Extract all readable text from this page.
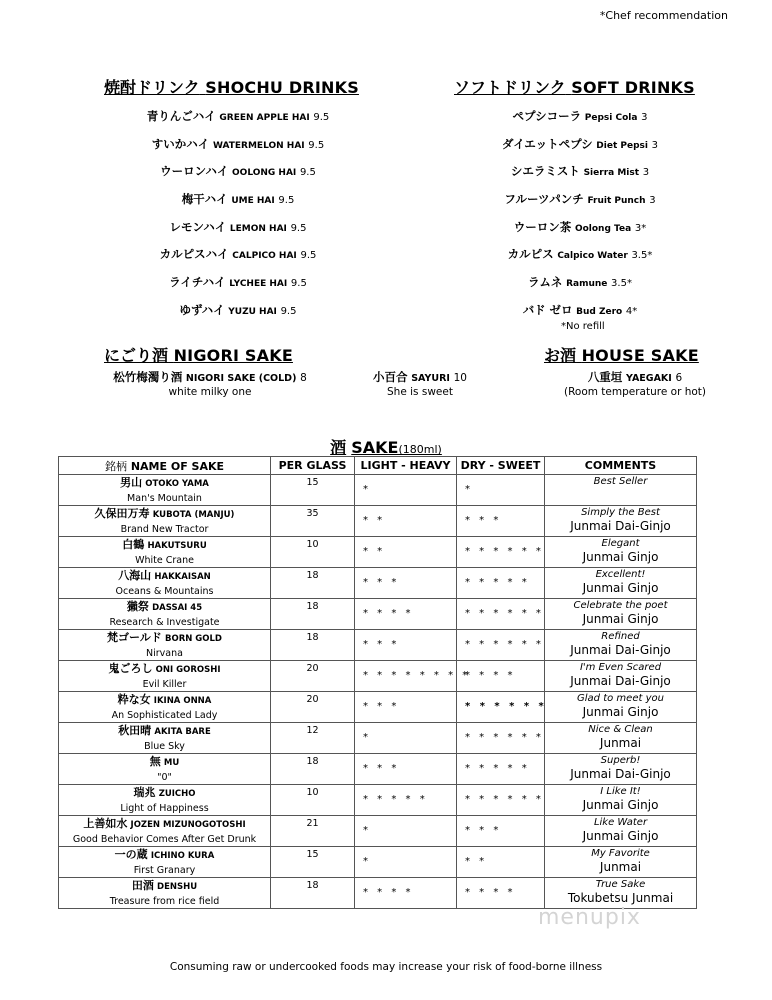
*Chef recommendation
焼酎ドリンク SHOCHU DRINKS
青りんごハイ GREEN APPLE HAI 9.5
すいかハイ WATERMELON HAI 9.5
ウーロンハイ OOLONG HAI 9.5
梅干ハイ UME HAI 9.5
レモンハイ LEMON HAI 9.5
カルピスハイ CALPICO HAI 9.5
ライチハイ LYCHEE HAI 9.5
ゆずハイ YUZU HAI 9.5
ソフトドリンク SOFT DRINKS
ペプシコーラ Pepsi Cola 3
ダイエットペプシ Diet Pepsi 3
シエラミスト Sierra Mist 3
フルーツパンチ Fruit Punch 3
ウーロン茶 Oolong Tea 3*
カルピス Calpico Water 3.5*
ラムネ Ramune 3.5*
バド ゼロ Bud Zero 4*
*No refill
にごり酒 NIGORI SAKE	お酒 HOUSE SAKE
松竹梅濁り酒 NIGORI SAKE (COLD) 8
white milky one
小百合 SAYURI 10
She is sweet
八重垣 YAEGAKI 6
(Room temperature or hot)
酒 SAKE(180ml)
銘柄 NAME OF SAKE	PER GLASS	LIGHT - HEAVY	DRY - SWEET	COMMENTS

男山 OTOKO YAMA
Man's Mountain	15	*	*	Best Seller

久保田万寿 KUBOTA (MANJU)
Brand New Tractor	35	* *	* * *	Simply the Best
Junmai Dai-Ginjo

白鶴 HAKUTSURU
White Crane	10	* *	* * * * * *	Elegant
Junmai Ginjo

八海山 HAKKAISAN
Oceans & Mountains	18	* * *	* * * * *	Excellent!
Junmai Ginjo

獺祭 DASSAI 45
Research & Investigate	18	* * * *	* * * * * *	Celebrate the poet
Junmai Ginjo

梵ゴールド BORN GOLD
Nirvana	18	* * *	* * * * * *	Refined
Junmai Dai-Ginjo

鬼ごろし ONI GOROSHI
Evil Killer	20	* * * * * * * *	* * * *	I'm Even Scared
Junmai Dai-Ginjo

粋な女 IKINA ONNA
An Sophisticated Lady	20	* * *	* * * * * *	Glad to meet you
Junmai Ginjo

秋田晴 AKITA BARE
Blue Sky	12	*	* * * * * *	Nice & Clean
Junmai

無 MU
"0"	18	* * *	* * * * *	Superb!
Junmai Dai-Ginjo

瑞兆 ZUICHO
Light of Happiness	10	* * * * *	* * * * * *	I Like It!
Junmai Ginjo

上善如水 JOZEN MIZUNOGOTOSHI
Good Behavior Comes After Get Drunk	21	*	* * *	Like Water
Junmai Ginjo

一の蔵 ICHINO KURA
First Granary	15	*	* *	My Favorite
Junmai

田酒 DENSHU
Treasure from rice field	18	* * * *	* * * *	True Sake
Tokubetsu Junmai
menupix
Consuming raw or undercooked foods may increase your risk of food-borne illness
